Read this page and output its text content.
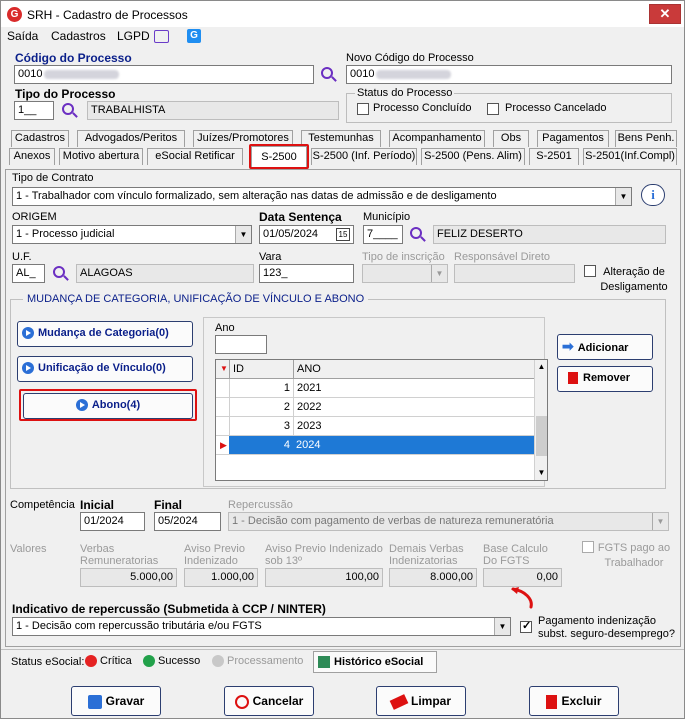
G SRH - Cadastro de Processos	✕
Saída Cadastros LGPD	G
Código do Processo
0010
Novo Código do Processo
0010
Tipo do Processo
1__	TRABALHISTA
Status do Processo
Processo Concluído	Processo Cancelado
Cadastros	Advogados/Peritos	Juízes/Promotores	Testemunhas	Acompanhamento	Obs	Pagamentos	Bens Penh.
Anexos	Motivo abertura	eSocial Retificar	S-2500	S-2500 (Inf. Período) S-2500 (Pens. Alim)	S-2501	S-2501(Inf.Compl)
Tipo de Contrato
1 - Trabalhador com vínculo formalizado, sem alteração nas datas de admissão e de desligamento	▼	i
ORIGEM
1 - Processo judicial	▼
Data Sentença
01/05/2024	15
Município
7____	FELIZ DESERTO
U.F.
AL_	ALAGOAS
Vara
123_
Tipo de inscrição
▼
Responsável Direto
Alteração de Desligamento
MUDANÇA DE CATEGORIA, UNIFICAÇÃO DE VÍNCULO E ABONO
Mudança de Categoria(0)
Unificação de Vínculo(0)
Abono(4)
Ano
▼ ID	ANO
1 2021
2 2022
3 2023
▶	4 2024
▲
▼
➡ Adicionar
Remover
Competência Inicial
01/2024
Final
05/2024
Repercussão
1 - Decisão com pagamento de verbas de natureza remuneratória	▼
Valores	Verbas Remuneratorias
5.000,00
Aviso Previo Indenizado
1.000,00
Aviso Previo Indenizado sob 13º
100,00
Demais Verbas Indenizatorias
8.000,00
Base Calculo Do FGTS
0,00
FGTS pago ao Trabalhador
Indicativo de repercussão (Submetida à CCP / NINTER)
1 - Decisão com repercussão tributária e/ou FGTS	▼	✓ Pagamento indenização subst. seguro-desemprego?
Status eSocial:	Crítica	Sucesso	Processamento	Histórico eSocial
Gravar	Cancelar	Limpar	Excluir
